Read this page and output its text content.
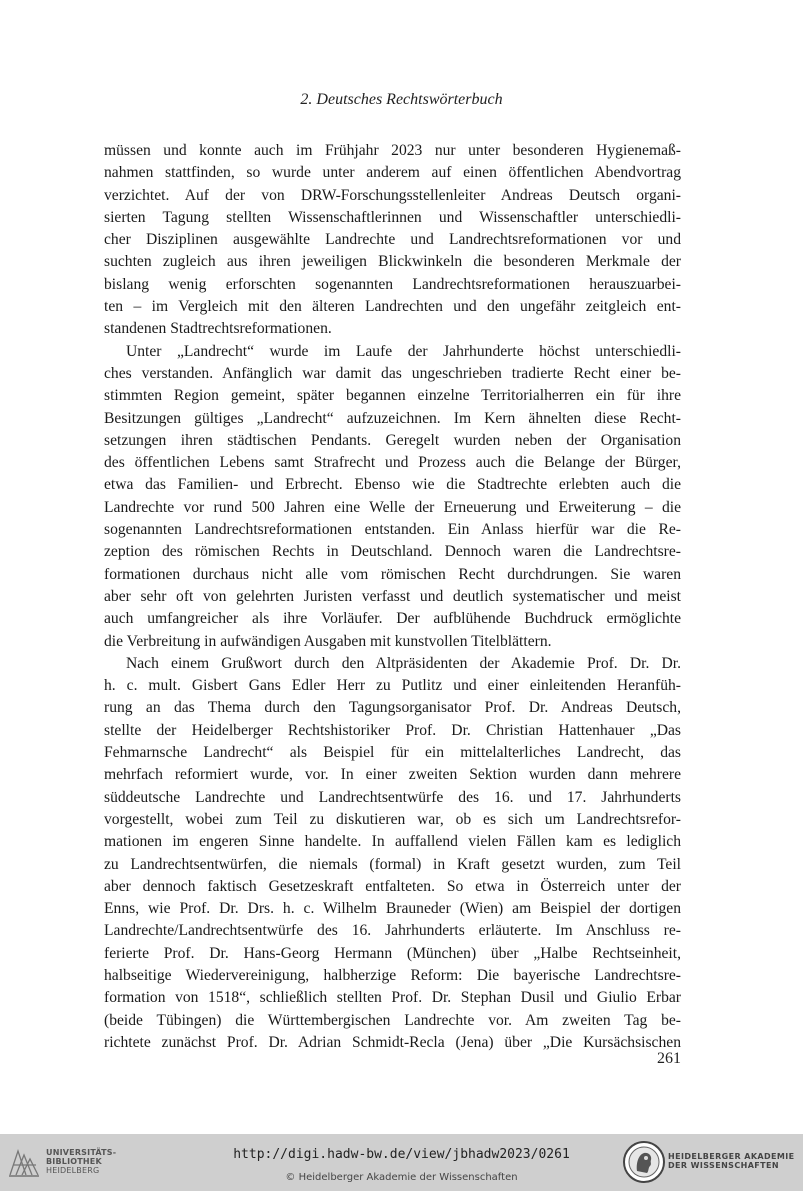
2. Deutsches Rechtswörterbuch
müssen und konnte auch im Frühjahr 2023 nur unter besonderen Hygienemaß-
nahmen stattfinden, so wurde unter anderem auf einen öffentlichen Abendvortrag
verzichtet. Auf der von DRW-Forschungsstellenleiter Andreas Deutsch organi-
sierten Tagung stellten Wissenschaftlerinnen und Wissenschaftler unterschiedli-
cher Disziplinen ausgewählte Landrechte und Landrechtsreformationen vor und
suchten zugleich aus ihren jeweiligen Blickwinkeln die besonderen Merkmale der
bislang wenig erforschten sogenannten Landrechtsreformationen herauszuarbei-
ten – im Vergleich mit den älteren Landrechten und den ungefähr zeitgleich ent-
standenen Stadtrechtsreformationen.
Unter „Landrecht“ wurde im Laufe der Jahrhunderte höchst unterschiedli-
ches verstanden. Anfänglich war damit das ungeschrieben tradierte Recht einer be-
stimmten Region gemeint, später begannen einzelne Territorialherren ein für ihre
Besitzungen gültiges „Landrecht“ aufzuzeichnen. Im Kern ähnelten diese Recht-
setzungen ihren städtischen Pendants. Geregelt wurden neben der Organisation
des öffentlichen Lebens samt Strafrecht und Prozess auch die Belange der Bürger,
etwa das Familien- und Erbrecht. Ebenso wie die Stadtrechte erlebten auch die
Landrechte vor rund 500 Jahren eine Welle der Erneuerung und Erweiterung – die
sogenannten Landrechtsreformationen entstanden. Ein Anlass hierfür war die Re-
zeption des römischen Rechts in Deutschland. Dennoch waren die Landrechtsre-
formationen durchaus nicht alle vom römischen Recht durchdrungen. Sie waren
aber sehr oft von gelehrten Juristen verfasst und deutlich systematischer und meist
auch umfangreicher als ihre Vorläufer. Der aufblühende Buchdruck ermöglichte
die Verbreitung in aufwändigen Ausgaben mit kunstvollen Titelblättern.
Nach einem Grußwort durch den Altpräsidenten der Akademie Prof. Dr. Dr.
h. c. mult. Gisbert Gans Edler Herr zu Putlitz und einer einleitenden Heranfüh-
rung an das Thema durch den Tagungsorganisator Prof. Dr. Andreas Deutsch,
stellte der Heidelberger Rechtshistoriker Prof. Dr. Christian Hattenhauer „Das
Fehmarnsche Landrecht“ als Beispiel für ein mittelalterliches Landrecht, das
mehrfach reformiert wurde, vor. In einer zweiten Sektion wurden dann mehrere
süddeutsche Landrechte und Landrechtsentwürfe des 16. und 17. Jahrhunderts
vorgestellt, wobei zum Teil zu diskutieren war, ob es sich um Landrechtsrefor-
mationen im engeren Sinne handelte. In auffallend vielen Fällen kam es lediglich
zu Landrechtsentwürfen, die niemals (formal) in Kraft gesetzt wurden, zum Teil
aber dennoch faktisch Gesetzeskraft entfalteten. So etwa in Österreich unter der
Enns, wie Prof. Dr. Drs. h. c. Wilhelm Brauneder (Wien) am Beispiel der dortigen
Landrechte/Landrechtsentwürfe des 16. Jahrhunderts erläuterte. Im Anschluss re-
ferierte Prof. Dr. Hans-Georg Hermann (München) über „Halbe Rechtseinheit,
halbseitige Wiedervereinigung, halbherzige Reform: Die bayerische Landrechtsre-
formation von 1518“, schließlich stellten Prof. Dr. Stephan Dusil und Giulio Erbar
(beide Tübingen) die Württembergischen Landrechte vor. Am zweiten Tag be-
richtete zunächst Prof. Dr. Adrian Schmidt-Recla (Jena) über „Die Kursächsischen
261
UNIVERSITÄTS-
BIBLIOTHEK
HEIDELBERG
http://digi.hadw-bw.de/view/jbhadw2023/0261
© Heidelberger Akademie der Wissenschaften
HEIDELBERGER AKADEMIE
DER WISSENSCHAFTEN
